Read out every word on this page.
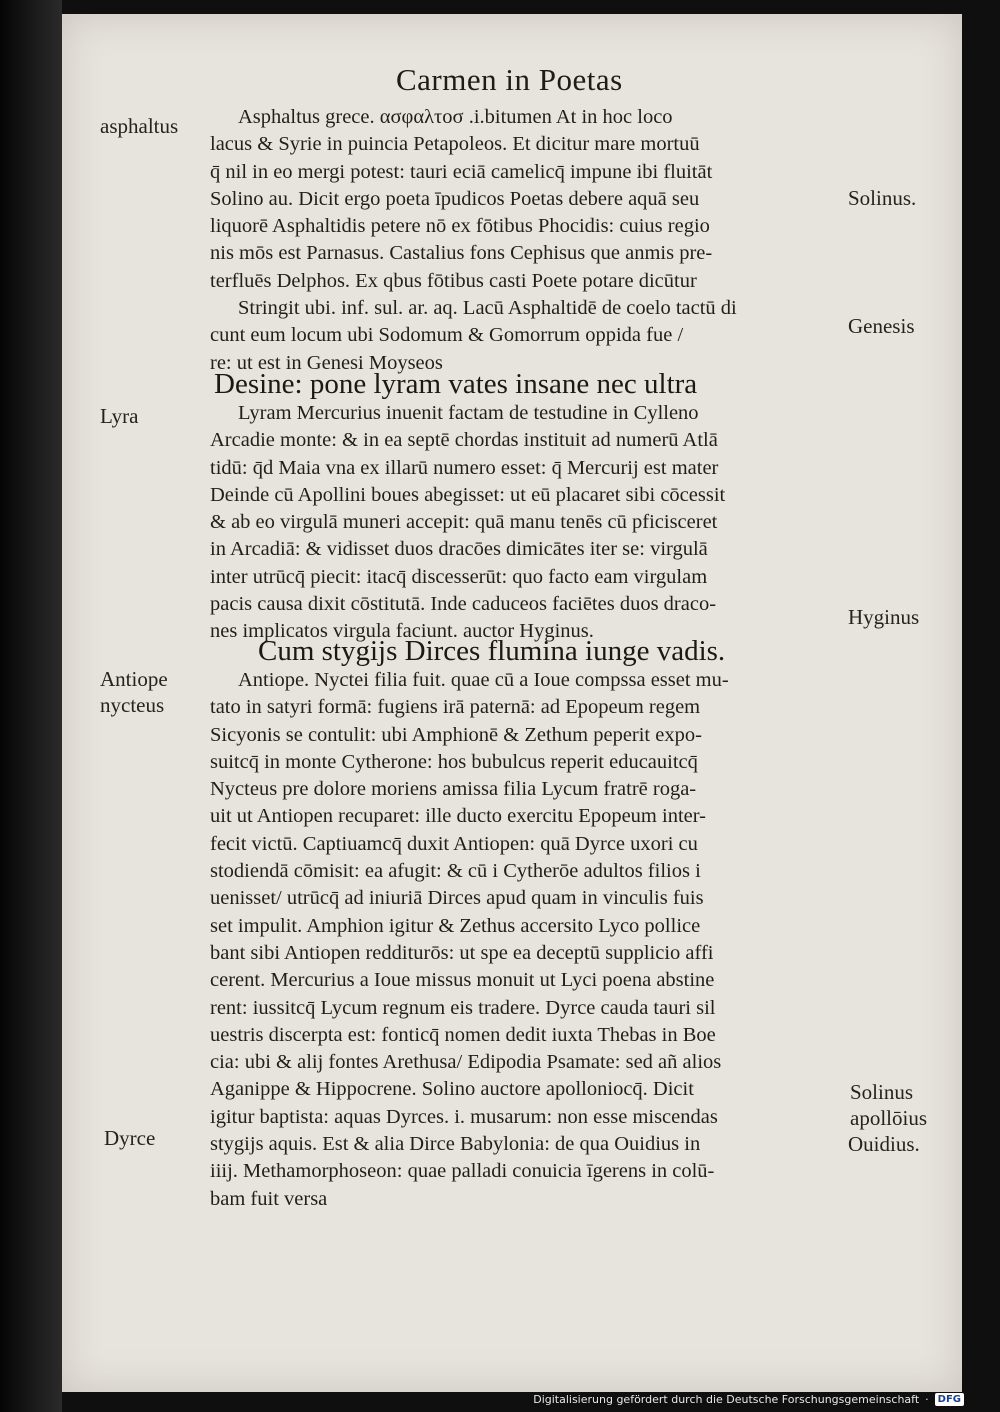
Carmen in Poetas
asphaltus
Lyra
Antiope
nycteus
Dyrce
Solinus.
Genesis
Hyginus
Solinus
apollōius
Ouidius.
Asphaltus grece. ασφαλτοσ .i.bitumen At in hoc loco
lacus & Syrie in puincia Petapoleos. Et dicitur mare mortuū
q̄ nil in eo mergi potest: tauri eciā camelicq̄ impune ibi fluitāt
Solino au. Dicit ergo poeta īpudicos Poetas debere aquā seu
liquorē Asphaltidis petere nō ex fōtibus Phocidis: cuius regio
nis mōs est Parnasus. Castalius fons Cephisus que anmis pre-
terfluēs Delphos. Ex qbus fōtibus casti Poete potare dicūtur
Stringit ubi. inf. sul. ar. aq. Lacū Asphaltidē de coelo tactū di
cunt eum locum ubi Sodomum & Gomorrum oppida fue /
re: ut est in Genesi Moyseos
Desine: pone lyram vates insane nec ultra
Lyram Mercurius inuenit factam de testudine in Cylleno
Arcadie monte: & in ea septē chordas instituit ad numerū Atlā
tidū: q̄d Maia vna ex illarū numero esset: q̄ Mercurij est mater
Deinde cū Apollini boues abegisset: ut eū placaret sibi cōcessit
& ab eo virgulā muneri accepit: quā manu tenēs cū pficisceret
in Arcadiā: & vidisset duos dracōes dimicātes iter se: virgulā
inter utrūcq̄ piecit: itacq̄ discesserūt: quo facto eam virgulam
pacis causa dixit cōstitutā. Inde caduceos faciētes duos draco-
nes implicatos virgula faciunt. auctor Hyginus.
Cum stygijs Dirces flumina iunge vadis.
Antiope. Nyctei filia fuit. quae cū a Ioue compssa esset mu-
tato in satyri formā: fugiens irā paternā: ad Epopeum regem
Sicyonis se contulit: ubi Amphionē & Zethum peperit expo-
suitcq̄ in monte Cytherone: hos bubulcus reperit educauitcq̄
Nycteus pre dolore moriens amissa filia Lycum fratrē roga-
uit ut Antiopen recuparet: ille ducto exercitu Epopeum inter-
fecit victū. Captiuamcq̄ duxit Antiopen: quā Dyrce uxori cu
stodiendā cōmisit: ea afugit: & cū i Cytherōe adultos filios i
uenisset/ utrūcq̄ ad iniuriā Dirces apud quam in vinculis fuis
set impulit. Amphion igitur & Zethus accersito Lyco pollice
bant sibi Antiopen redditurōs: ut spe ea deceptū supplicio affi
cerent. Mercurius a Ioue missus monuit ut Lyci poena abstine
rent: iussitcq̄ Lycum regnum eis tradere. Dyrce cauda tauri sil
uestris discerpta est: fonticq̄ nomen dedit iuxta Thebas in Boe
cia: ubi & alij fontes Arethusa/ Edipodia Psamate: sed añ alios
Aganippe & Hippocrene. Solino auctore apolloniocq̄. Dicit
igitur baptista: aquas Dyrces. i. musarum: non esse miscendas
stygijs aquis. Est & alia Dirce Babylonia: de qua Ouidius in
iiij. Methamorphoseon: quae palladi conuicia īgerens in colū-
bam fuit versa
Digitalisierung gefördert durch die Deutsche Forschungsgemeinschaft · DFG
